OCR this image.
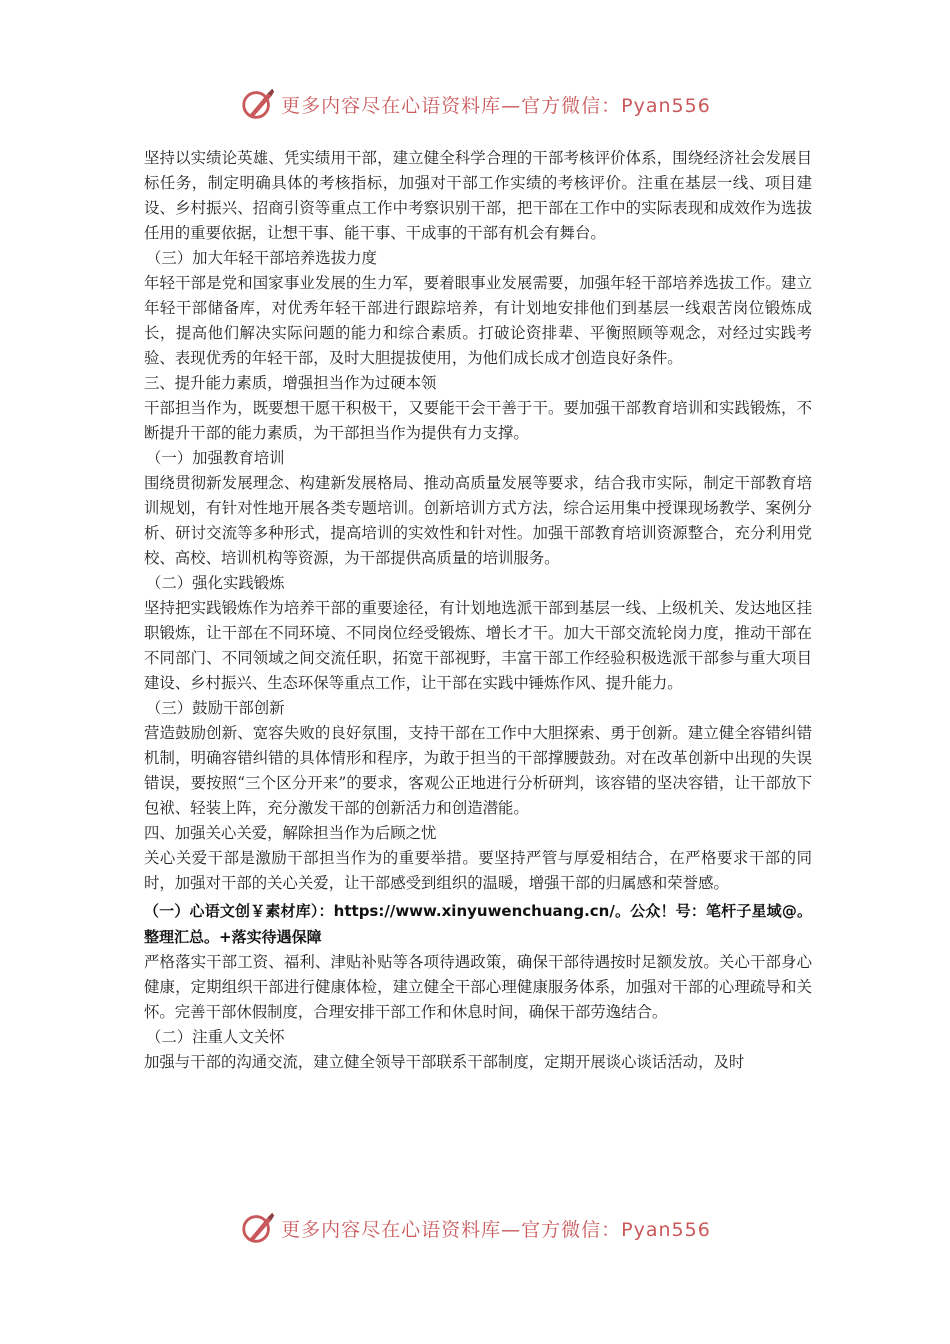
更多内容尽在心语资料库—官方微信：Pyan556

坚持以实绩论英雄、凭实绩用干部，建立健全科学合理的干部考核评价体系，围绕经济社会发展目标任务，制定明确具体的考核指标，加强对干部工作实绩的考核评价。注重在基层一线、项目建设、乡村振兴、招商引资等重点工作中考察识别干部，把干部在工作中的实际表现和成效作为选拔任用的重要依据，让想干事、能干事、干成事的干部有机会有舞台。

（三）加大年轻干部培养选拔力度

年轻干部是党和国家事业发展的生力军，要着眼事业发展需要，加强年轻干部培养选拔工作。建立年轻干部储备库，对优秀年轻干部进行跟踪培养，有计划地安排他们到基层一线艰苦岗位锻炼成长，提高他们解决实际问题的能力和综合素质。打破论资排辈、平衡照顾等观念，对经过实践考验、表现优秀的年轻干部，及时大胆提拔使用，为他们成长成才创造良好条件。

三、提升能力素质，增强担当作为过硬本领

干部担当作为，既要想干愿干积极干，又要能干会干善于干。要加强干部教育培训和实践锻炼，不断提升干部的能力素质，为干部担当作为提供有力支撑。

（一）加强教育培训

围绕贯彻新发展理念、构建新发展格局、推动高质量发展等要求，结合我市实际，制定干部教育培训规划，有针对性地开展各类专题培训。创新培训方式方法，综合运用集中授课现场教学、案例分析、研讨交流等多种形式，提高培训的实效性和针对性。加强干部教育培训资源整合，充分利用党校、高校、培训机构等资源，为干部提供高质量的培训服务。

（二）强化实践锻炼

坚持把实践锻炼作为培养干部的重要途径，有计划地选派干部到基层一线、上级机关、发达地区挂职锻炼，让干部在不同环境、不同岗位经受锻炼、增长才干。加大干部交流轮岗力度，推动干部在不同部门、不同领域之间交流任职，拓宽干部视野，丰富干部工作经验积极选派干部参与重大项目建设、乡村振兴、生态环保等重点工作，让干部在实践中锤炼作风、提升能力。

（三）鼓励干部创新

营造鼓励创新、宽容失败的良好氛围，支持干部在工作中大胆探索、勇于创新。建立健全容错纠错机制，明确容错纠错的具体情形和程序，为敢于担当的干部撑腰鼓劲。对在改革创新中出现的失误错误，要按照“三个区分开来”的要求，客观公正地进行分析研判，该容错的坚决容错，让干部放下包袱、轻装上阵，充分激发干部的创新活力和创造潜能。

四、加强关心关爱，解除担当作为后顾之忧

关心关爱干部是激励干部担当作为的重要举措。要坚持严管与厚爱相结合，在严格要求干部的同时，加强对干部的关心关爱，让干部感受到组织的温暖，增强干部的归属感和荣誉感。

（一）心语文创￥素材库）：https://www.xinyuwenchuang.cn/。公众！号：笔杆子星域@。整理汇总。+落实待遇保障

严格落实干部工资、福利、津贴补贴等各项待遇政策，确保干部待遇按时足额发放。关心干部身心健康，定期组织干部进行健康体检，建立健全干部心理健康服务体系，加强对干部的心理疏导和关怀。完善干部休假制度，合理安排干部工作和休息时间，确保干部劳逸结合。

（二）注重人文关怀

加强与干部的沟通交流，建立健全领导干部联系干部制度，定期开展谈心谈话活动，及时

更多内容尽在心语资料库—官方微信：Pyan556
